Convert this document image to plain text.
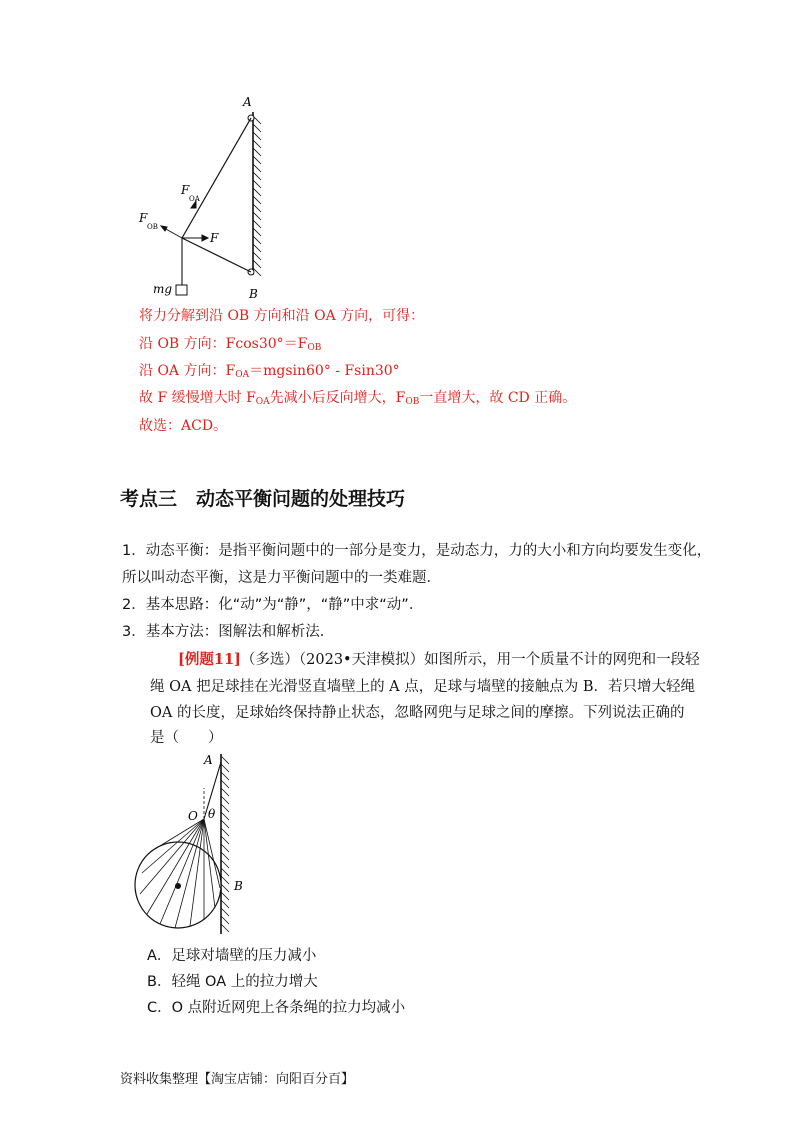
A
B
F
F
OA
F
OB
mg
将力分解到沿 OB 方向和沿 OA 方向，可得：
沿 OB 方向：$Fcos30^\circ=F_{OB}$
沿 OA 方向：$F_{OA}=mgsin60^\circ - Fsin30^\circ$
故 F 缓慢增大时 $F_{OA}$先减小后反向增大，$F_{OB}$一直增大，故 CD 正确。
故选：ACD。
考点三　动态平衡问题的处理技巧
1．动态平衡：是指平衡问题中的一部分是变力，是动态力，力的大小和方向均要发生变化，
所以叫动态平衡，这是力平衡问题中的一类难题．
2．基本思路：化“动”为“静”，“静”中求“动”．
3．基本方法：图解法和解析法．
[例题11]（多选）（2023•天津模拟）如图所示，用一个质量不计的网兜和一段轻
绳 OA 把足球挂在光滑竖直墙壁上的 A 点，足球与墙壁的接触点为 B．若只增大轻绳
OA 的长度，足球始终保持静止状态，忽略网兜与足球之间的摩擦。下列说法正确的
是（　　）
A
O θ
B
A．足球对墙壁的压力减小
B．轻绳 OA 上的拉力增大
C．O 点附近网兜上各条绳的拉力均减小
资料收集整理【淘宝店铺：向阳百分百】
